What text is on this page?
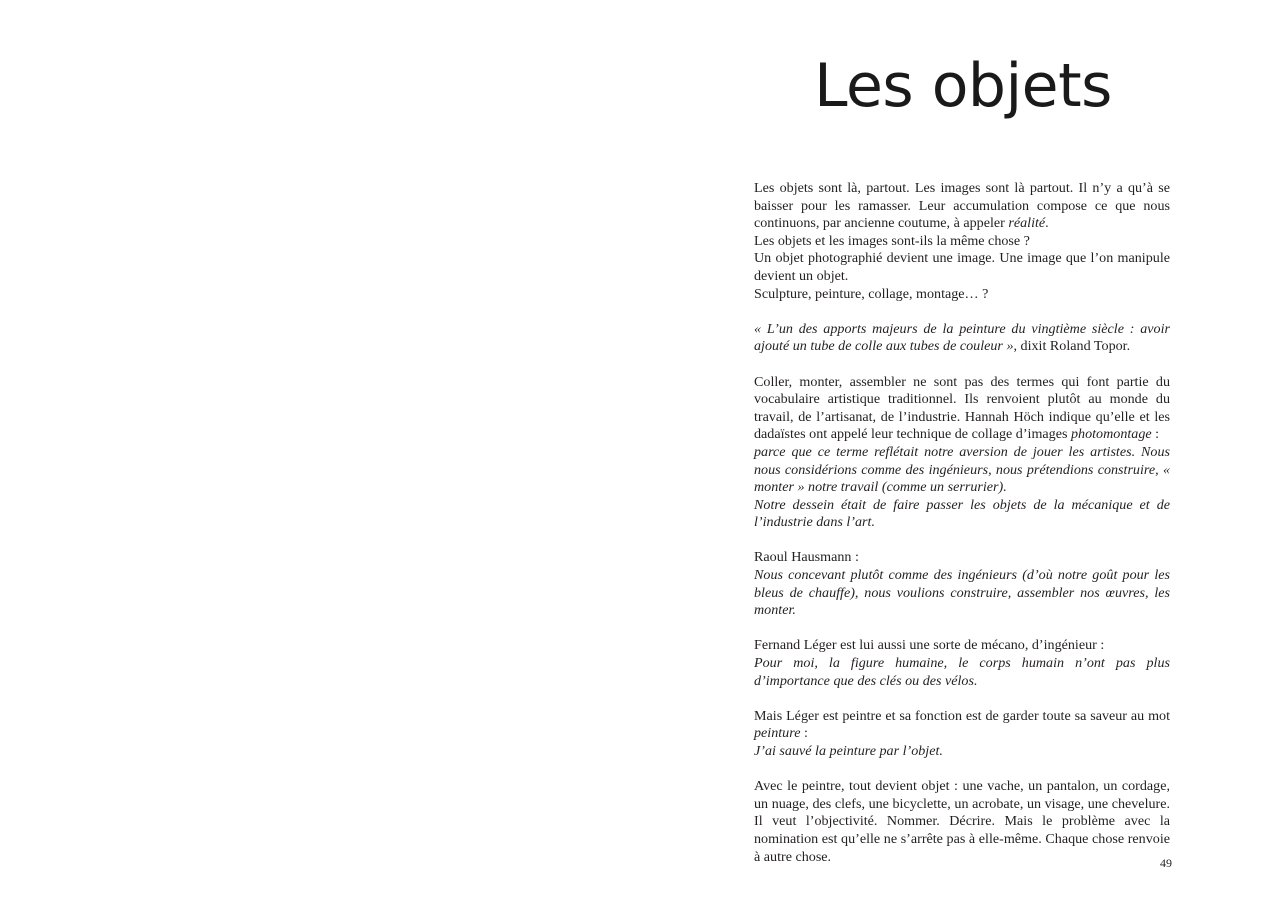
Les objets

Les objets sont là, partout. Les images sont là partout. Il n’y a qu’à se baisser pour les ramasser. Leur accumulation compose ce que nous continuons, par ancienne coutume, à appeler réalité.
Les objets et les images sont-ils la même chose ?
Un objet photographié devient une image. Une image que l’on manipule devient un objet.
Sculpture, peinture, collage, montage… ?

« L’un des apports majeurs de la peinture du vingtième siècle : avoir ajouté un tube de colle aux tubes de couleur », dixit Roland Topor.

Coller, monter, assembler ne sont pas des termes qui font partie du vocabulaire artistique traditionnel. Ils renvoient plutôt au monde du travail, de l’artisanat, de l’industrie. Hannah Höch indique qu’elle et les dadaïstes ont appelé leur technique de collage d’images photomontage :
parce que ce terme reflétait notre aversion de jouer les artistes. Nous nous considérions comme des ingénieurs, nous prétendions construire, « monter » notre travail (comme un serrurier).
Notre dessein était de faire passer les objets de la mécanique et de l’industrie dans l’art.

Raoul Hausmann :
Nous concevant plutôt comme des ingénieurs (d’où notre goût pour les bleus de chauffe), nous voulions construire, assembler nos œuvres, les monter.

Fernand Léger est lui aussi une sorte de mécano, d’ingénieur :
Pour moi, la figure humaine, le corps humain n’ont pas plus d’importance que des clés ou des vélos.

Mais Léger est peintre et sa fonction est de garder toute sa saveur au mot peinture :
J’ai sauvé la peinture par l’objet.

Avec le peintre, tout devient objet : une vache, un pantalon, un cordage, un nuage, des clefs, une bicyclette, un acrobate, un visage, une chevelure. Il veut l’objectivité. Nommer. Décrire. Mais le problème avec la nomination est qu’elle ne s’arrête pas à elle-même. Chaque chose renvoie à autre chose.	49
